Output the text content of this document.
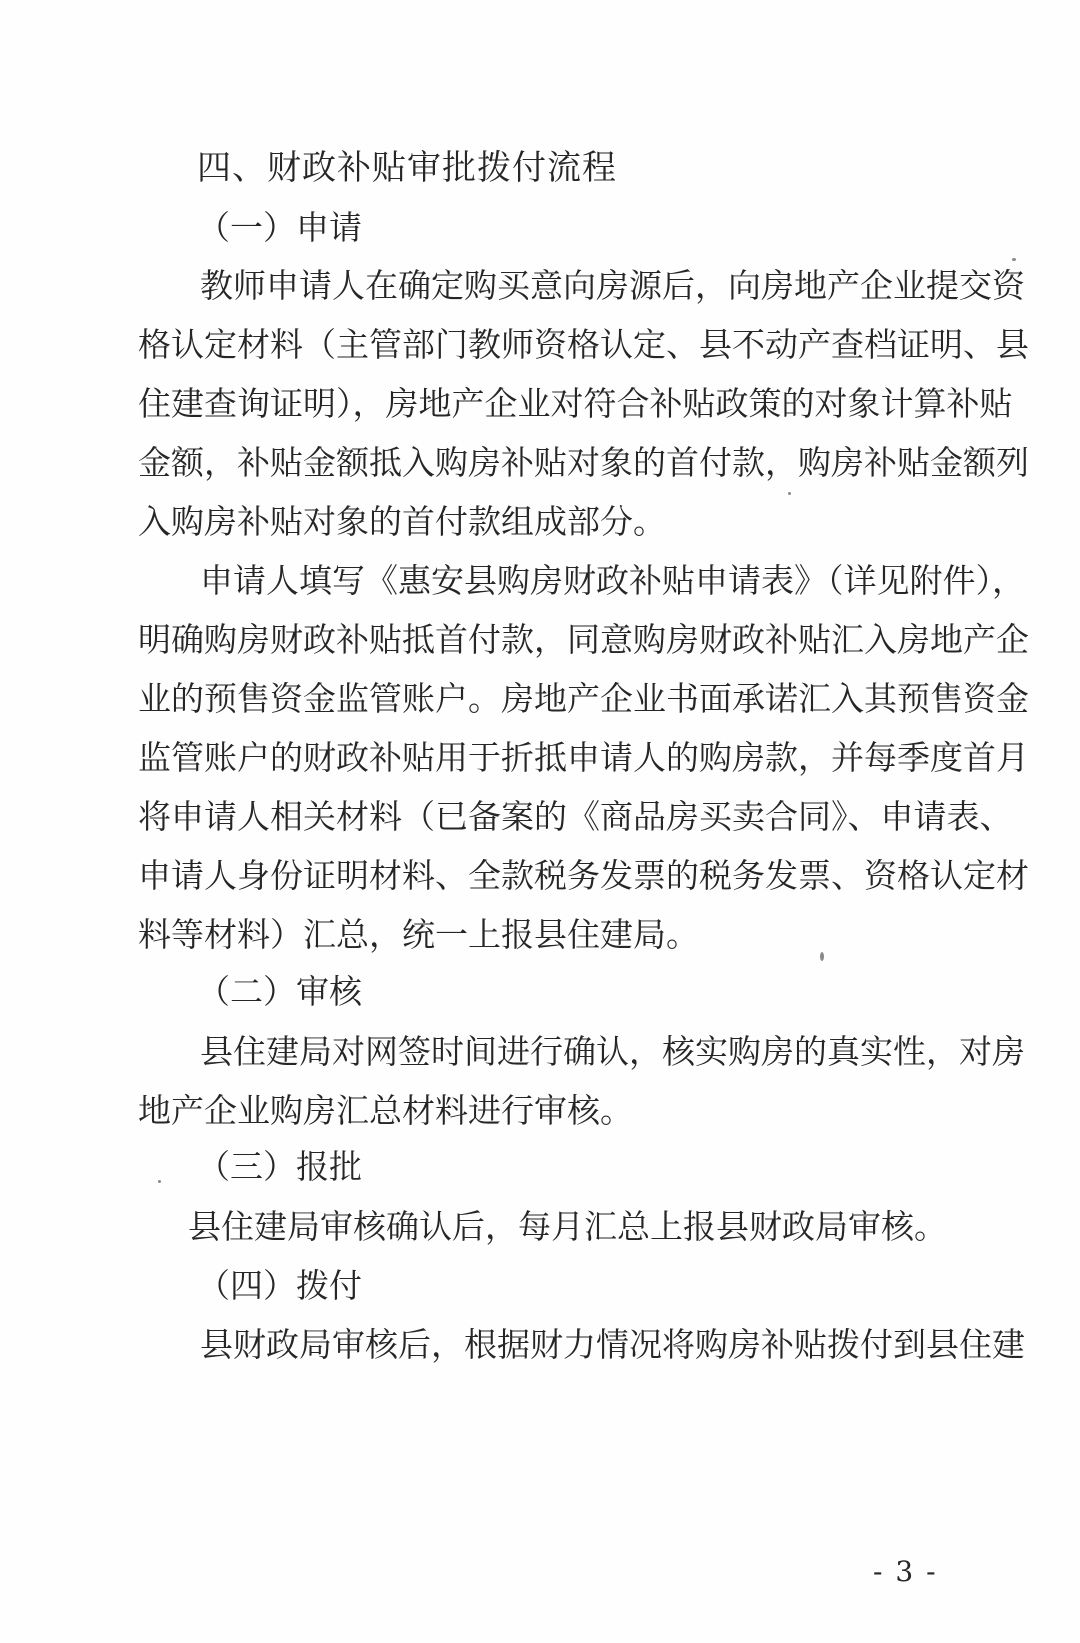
四、财政补贴审批拨付流程
（一）申请
教师申请人在确定购买意向房源后，向房地产企业提交资
格认定材料（主管部门教师资格认定、县不动产查档证明、县
住建查询证明），房地产企业对符合补贴政策的对象计算补贴
金额，补贴金额抵入购房补贴对象的首付款，购房补贴金额列
入购房补贴对象的首付款组成部分。
申请人填写《惠安县购房财政补贴申请表》（详见附件），
明确购房财政补贴抵首付款，同意购房财政补贴汇入房地产企
业的预售资金监管账户。房地产企业书面承诺汇入其预售资金
监管账户的财政补贴用于折抵申请人的购房款，并每季度首月
将申请人相关材料（已备案的《商品房买卖合同》、申请表、
申请人身份证明材料、全款税务发票的税务发票、资格认定材
料等材料）汇总，统一上报县住建局。
（二）审核
县住建局对网签时间进行确认，核实购房的真实性，对房
地产企业购房汇总材料进行审核。
（三）报批
县住建局审核确认后，每月汇总上报县财政局审核。
（四）拨付
县财政局审核后，根据财力情况将购房补贴拨付到县住建
- 3 -
